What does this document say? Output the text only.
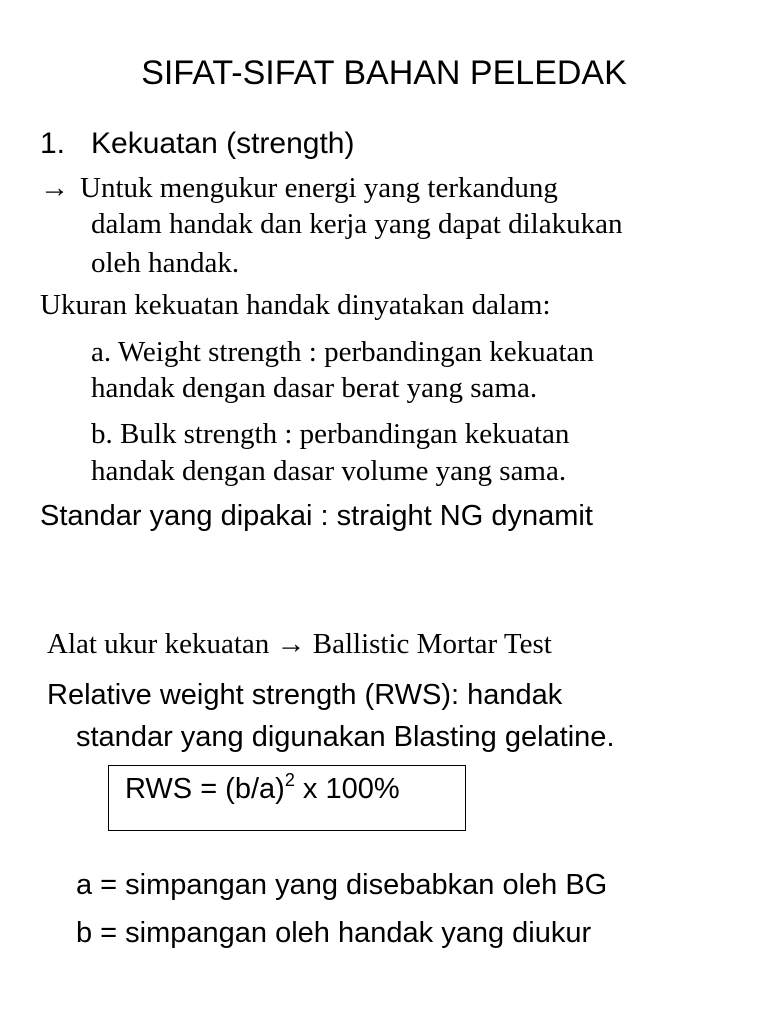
SIFAT-SIFAT BAHAN PELEDAK
1. Kekuatan (strength)
→ Untuk mengukur energi yang terkandung
dalam handak dan kerja yang dapat dilakukan
oleh handak.
Ukuran kekuatan handak dinyatakan dalam:
a. Weight strength : perbandingan kekuatan
handak dengan dasar berat yang sama.
b. Bulk strength : perbandingan kekuatan
handak dengan dasar volume yang sama.
Standar yang dipakai : straight NG dynamit
Alat ukur kekuatan → Ballistic Mortar Test
Relative weight strength (RWS): handak
standar yang digunakan Blasting gelatine.
RWS = $(b/a)^2$ x 100%
a = simpangan yang disebabkan oleh BG
b = simpangan oleh handak yang diukur
